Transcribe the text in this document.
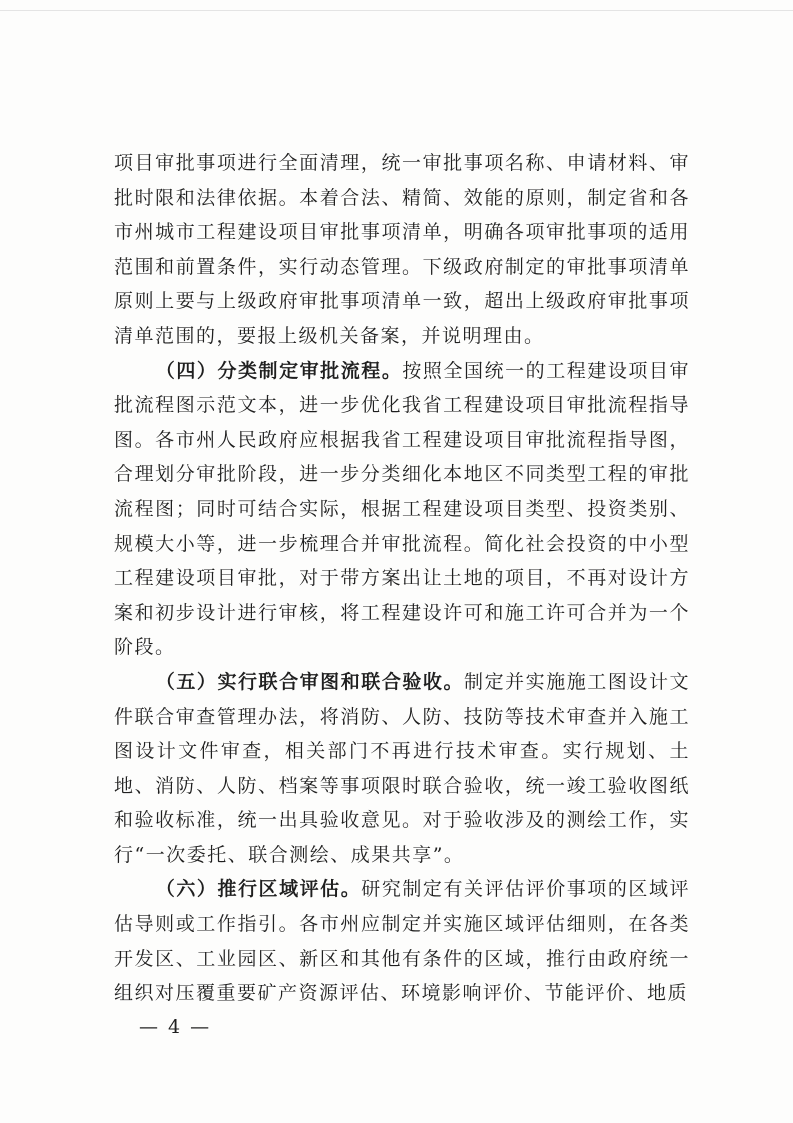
项目审批事项进行全面清理，统一审批事项名称、申请材料、审批时限和法律依据。本着合法、精简、效能的原则，制定省和各市州城市工程建设项目审批事项清单，明确各项审批事项的适用范围和前置条件，实行动态管理。下级政府制定的审批事项清单原则上要与上级政府审批事项清单一致，超出上级政府审批事项清单范围的，要报上级机关备案，并说明理由。

（四）分类制定审批流程。按照全国统一的工程建设项目审批流程图示范文本，进一步优化我省工程建设项目审批流程指导图。各市州人民政府应根据我省工程建设项目审批流程指导图，合理划分审批阶段，进一步分类细化本地区不同类型工程的审批流程图；同时可结合实际，根据工程建设项目类型、投资类别、规模大小等，进一步梳理合并审批流程。简化社会投资的中小型工程建设项目审批，对于带方案出让土地的项目，不再对设计方案和初步设计进行审核，将工程建设许可和施工许可合并为一个阶段。

（五）实行联合审图和联合验收。制定并实施施工图设计文件联合审查管理办法，将消防、人防、技防等技术审查并入施工图设计文件审查，相关部门不再进行技术审查。实行规划、土地、消防、人防、档案等事项限时联合验收，统一竣工验收图纸和验收标准，统一出具验收意见。对于验收涉及的测绘工作，实行“一次委托、联合测绘、成果共享”。

（六）推行区域评估。研究制定有关评估评价事项的区域评估导则或工作指引。各市州应制定并实施区域评估细则，在各类开发区、工业园区、新区和其他有条件的区域，推行由政府统一组织对压覆重要矿产资源评估、环境影响评价、节能评价、地质

— 4 —
